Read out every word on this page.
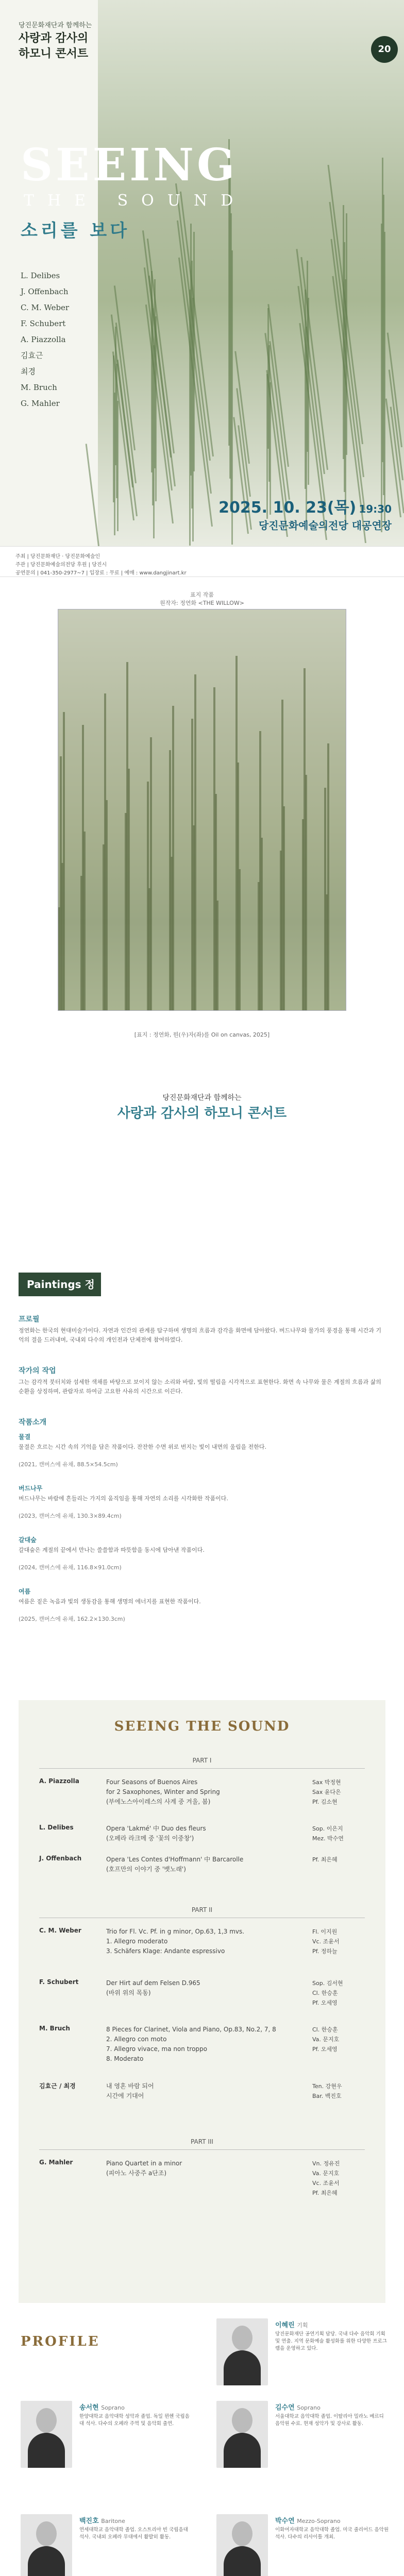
당진문화재단과 함께하는
사랑과 감사의
하모니 콘서트	20
SEEING
THE SOUND
소리를 보다
L. Delibes
J. Offenbach
C. M. Weber
F. Schubert
A. Piazzolla
김효근
최경
M. Bruch
G. Mahler
2025. 10. 23(목) 19:30
당진문화예술의전당 대공연장
주최 | 당진문화재단 · 당진문화예술인
주관 | 당진문화예술의전당 후원 | 당진시
공연문의 | 041-350-2977~7 | 입장료 : 무료 | 예매 : www.dangjinart.kr
표지 작품
원작자: 정연화 <THE WILLOW>
[표지 : 정연화, 뭔(우)자(좌)를 Oil on canvas, 2025]
당진문화재단과 함께하는
사랑과 감사의 하모니 콘서트
Paintings 정연화
프로필
정연화는 한국의 현대미술가이다. 자연과 인간의 관계를 탐구하며 생명의 흐름과 감각을 화면에 담아왔다. 버드나무와 물가의 풍경을 통해 시간과 기억의 결을 드러내며, 국내외 다수의 개인전과 단체전에 참여하였다.
작가의 작업
그는 감각적 붓터치와 섬세한 색채를 바탕으로 보이지 않는 소리와 바람, 빛의 떨림을 시각적으로 표현한다. 화면 속 나무와 물은 계절의 흐름과 삶의 순환을 상징하며, 관람자로 하여금 고요한 사유의 시간으로 이끈다.
작품소개
물결
물결은 흐르는 시간 속의 기억을 담은 작품이다. 잔잔한 수면 위로 번지는 빛이 내면의 울림을 전한다.
(2021, 캔버스에 유채, 88.5×54.5cm)
버드나무
버드나무는 바람에 흔들리는 가지의 움직임을 통해 자연의 소리를 시각화한 작품이다.
(2023, 캔버스에 유채, 130.3×89.4cm)
갈대숲
갈대숲은 계절의 끝에서 만나는 쓸쓸함과 따뜻함을 동시에 담아낸 작품이다.
(2024, 캔버스에 유채, 116.8×91.0cm)
여름
여름은 짙은 녹음과 빛의 생동감을 통해 생명의 에너지를 표현한 작품이다.
(2025, 캔버스에 유채, 162.2×130.3cm)
SEEING THE SOUND
PART I
A. Piazzolla	Four Seasons of Buenos Aires
for 2 Saxophones, Winter and Spring
(부에노스아이레스의 사계 중 겨울, 봄)
Sax 박정현
Sax 윤다은
Pf. 김소현
L. Delibes	Opera 'Lakmé' 中 Duo des fleurs
(오페라 라크메 중 '꽃의 이중창')
Sop. 이은지
Mez. 박수연
J. Offenbach	Opera 'Les Contes d'Hoffmann' 中 Barcarolle
(호프만의 이야기 중 '뱃노래')
Pf. 최은혜
PART II
C. M. Weber	Trio for Fl. Vc. Pf. in g minor, Op.63, 1,3 mvs.
1. Allegro moderato
3. Schäfers Klage: Andante espressivo
Fl. 이지원
Vc. 조윤서
Pf. 정하늘
F. Schubert	Der Hirt auf dem Felsen D.965
(바위 위의 목동)
Sop. 김서현
Cl. 한승훈
Pf. 오세영
M. Bruch	8 Pieces for Clarinet, Viola and Piano, Op.83, No.2, 7, 8
2. Allegro con moto
7. Allegro vivace, ma non troppo
8. Moderato
Cl. 한승훈
Va. 문지호
Pf. 오세영
김효근 / 최경	내 영혼 바람 되어
시간에 기대어
Ten. 강현우
Bar. 백진호
PART III
G. Mahler	Piano Quartet in a minor
(피아노 사중주 a단조)
Vn. 정유진
Va. 문지호
Vc. 조윤서
Pf. 최은혜
PROFILE
이혜린 기획
당진문화재단 공연기획 담당. 국내 다수 음악회 기획 및 연출. 지역 문화예술 활성화를 위한 다양한 프로그램을 운영하고 있다.
송서현 Soprano
한양대학교 음악대학 성악과 졸업. 독일 뮌헨 국립음대 석사. 다수의 오페라 주역 및 음악회 출연.
김수연 Soprano
서울대학교 음악대학 졸업. 이탈리아 밀라노 베르디 음악원 수료. 현재 성악가 및 강사로 활동.
백진호 Baritone
연세대학교 음악대학 졸업. 오스트리아 빈 국립음대 석사. 국내외 오페라 무대에서 활발히 활동.
박수연 Mezzo-Soprano
이화여자대학교 음악대학 졸업. 미국 줄리어드 음악원 석사. 다수의 리사이틀 개최.
